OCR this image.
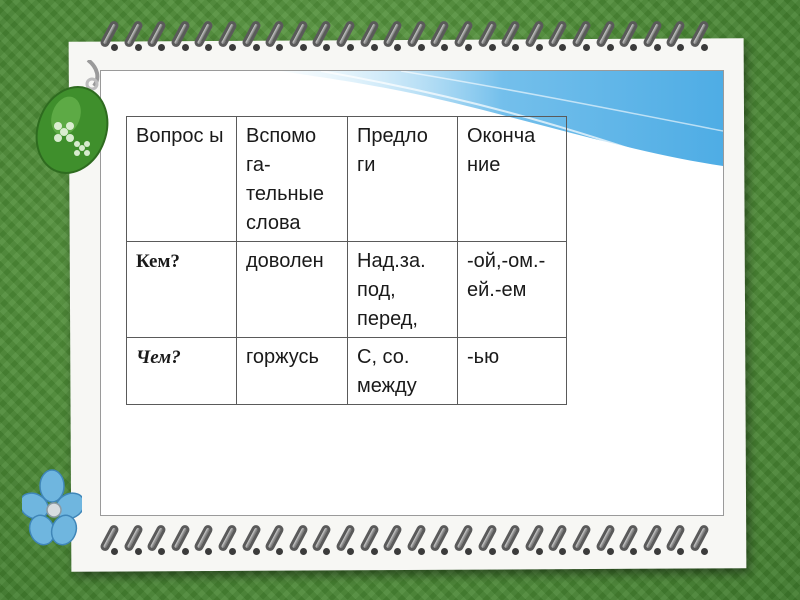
Вопрос ы	Вспомо га-тельные слова	Предло ги	Оконча ние
Кем?	доволен	Над.за. под, перед,	-ой,-ом.-ей.-ем
Чем?	горжусь	С, со. между	-ью
